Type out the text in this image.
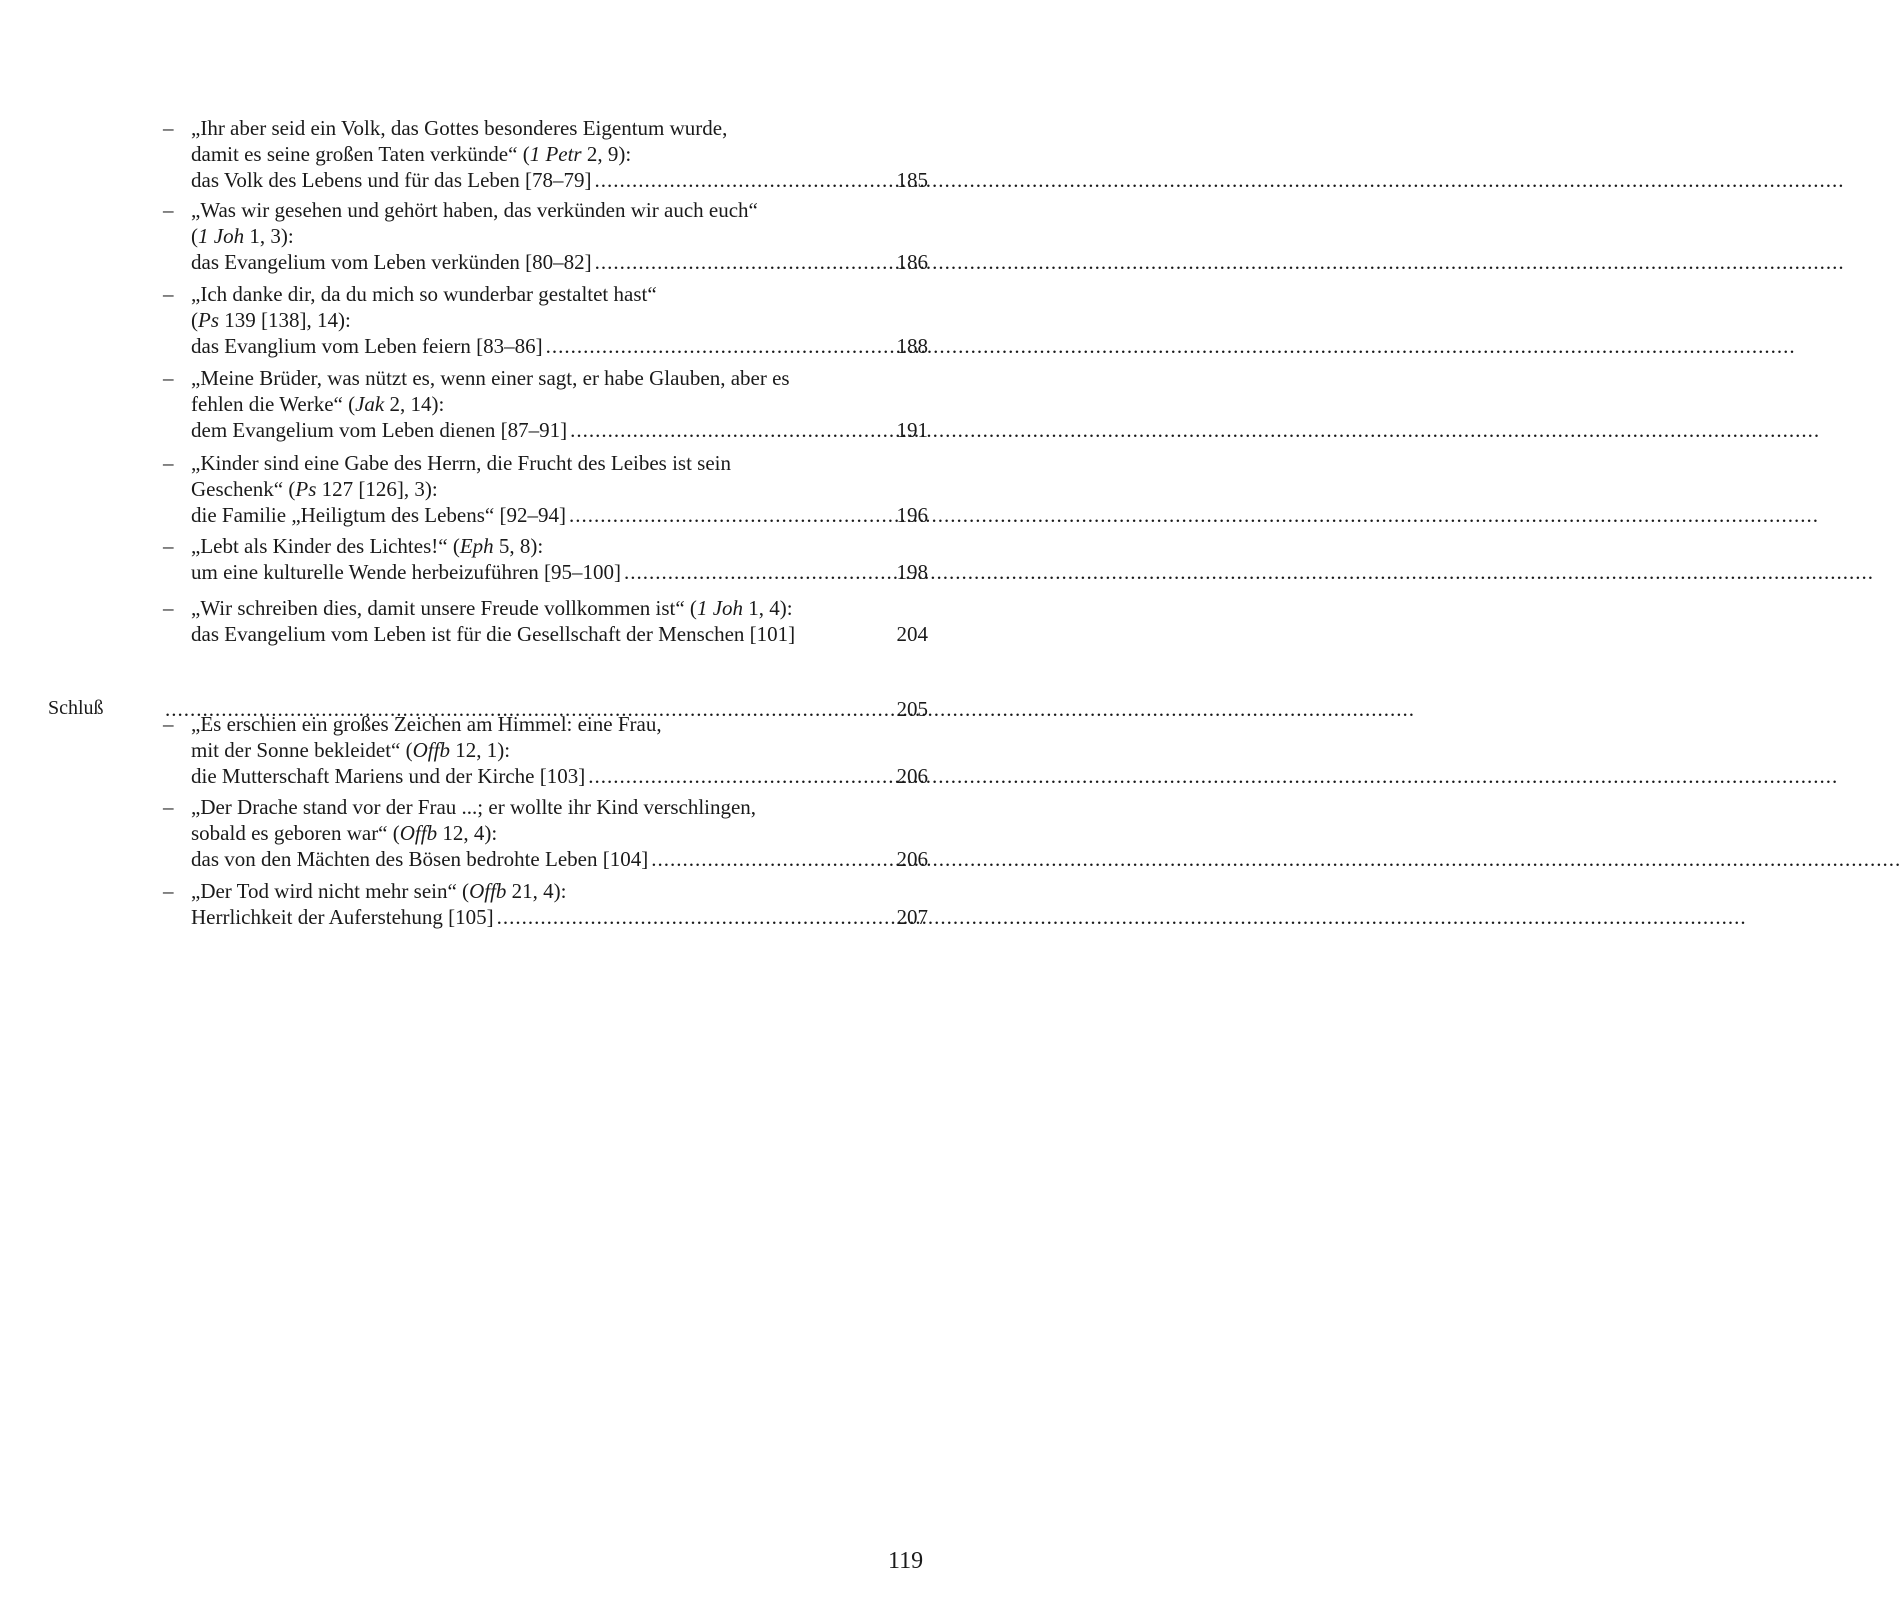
– „Ihr aber seid ein Volk, das Gottes besonderes Eigentum wurde,
damit es seine großen Taten verkünde“ (1 Petr 2, 9):
das Volk des Lebens und für das Leben [78–79] .....	185
– „Was wir gesehen und gehört haben, das verkünden wir auch euch“
(1 Joh 1, 3):
das Evangelium vom Leben verkünden [80–82] .....	186
– „Ich danke dir, da du mich so wunderbar gestaltet hast“
(Ps 139 [138], 14):
das Evanglium vom Leben feiern [83–86] .....	188
– „Meine Brüder, was nützt es, wenn einer sagt, er habe Glauben, aber es
fehlen die Werke“ (Jak 2, 14):
dem Evangelium vom Leben dienen [87–91] .....	191
– „Kinder sind eine Gabe des Herrn, die Frucht des Leibes ist sein
Geschenk“ (Ps 127 [126], 3):
die Familie „Heiligtum des Lebens“ [92–94] .....	196
– „Lebt als Kinder des Lichtes!“ (Eph 5, 8):
um eine kulturelle Wende herbeizuführen [95–100] .....	198
– „Wir schreiben dies, damit unsere Freude vollkommen ist“ (1 Joh 1, 4):
das Evangelium vom Leben ist für die Gesellschaft der Menschen [101]	204
Schluß .....	205
– „Es erschien ein großes Zeichen am Himmel: eine Frau,
mit der Sonne bekleidet“ (Offb 12, 1):
die Mutterschaft Mariens und der Kirche [103] .....	206
– „Der Drache stand vor der Frau ...; er wollte ihr Kind verschlingen,
sobald es geboren war“ (Offb 12, 4):
das von den Mächten des Bösen bedrohte Leben [104] .....	206
– „Der Tod wird nicht mehr sein“ (Offb 21, 4):
Herrlichkeit der Auferstehung [105] .....	207
119
